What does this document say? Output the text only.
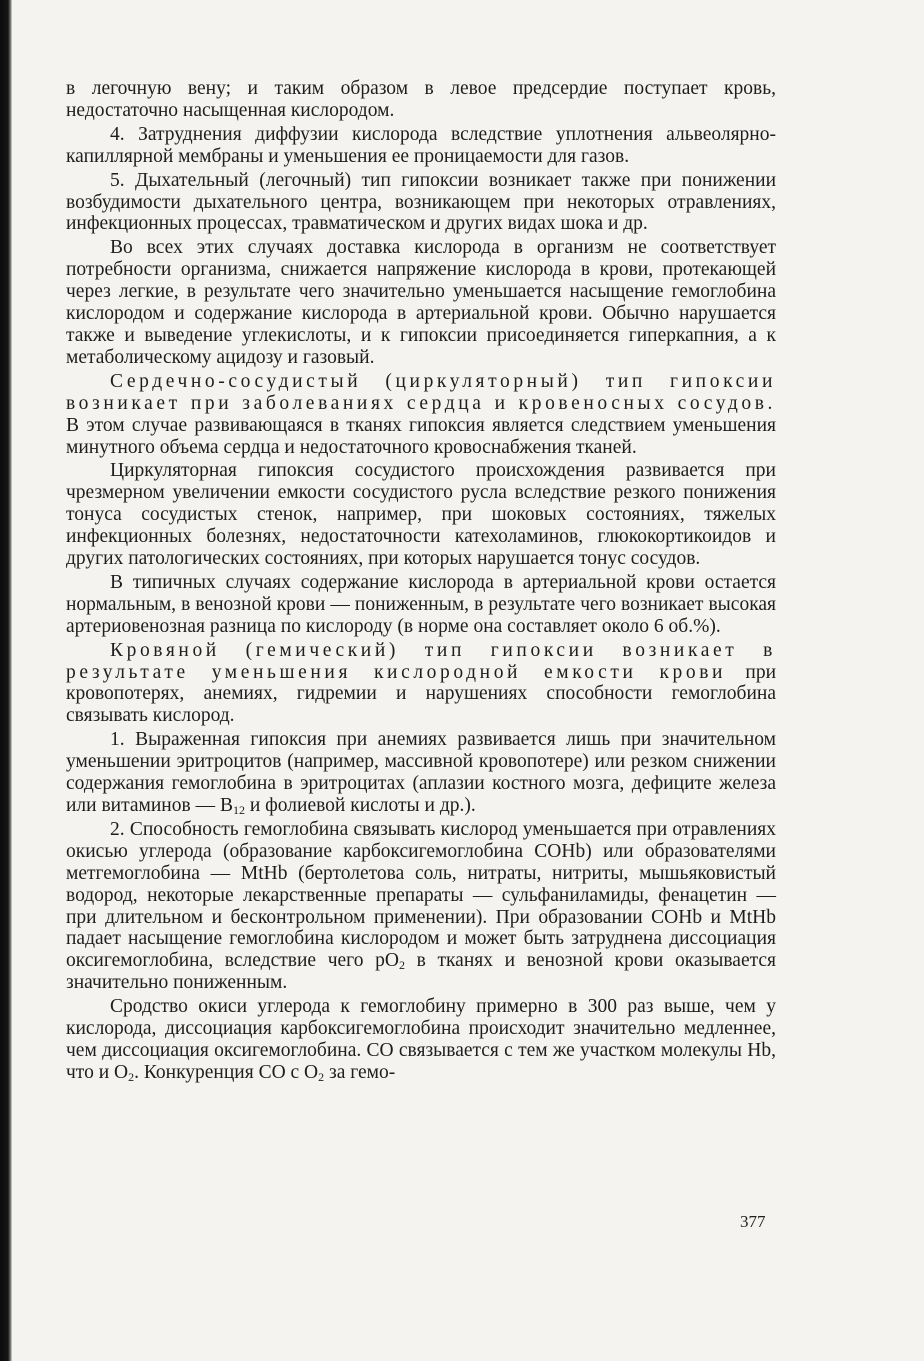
в легочную вену; и таким образом в левое предсердие поступает кровь, недостаточно насыщенная кислородом.

4. Затруднения диффузии кислорода вследствие уплотнения альвеолярно-капиллярной мембраны и уменьшения ее проницаемости для газов.

5. Дыхательный (легочный) тип гипоксии возникает также при понижении возбудимости дыхательного центра, возникающем при некоторых отравлениях, инфекционных процессах, травматическом и других видах шока и др.

Во всех этих случаях доставка кислорода в организм не соответствует потребности организма, снижается напряжение кислорода в крови, протекающей через легкие, в результате чего значительно уменьшается насыщение гемоглобина кислородом и содержание кислорода в артериальной крови. Обычно нарушается также и выведение углекислоты, и к гипоксии присоединяется гиперкапния, а к метаболическому ацидозу и газовый.

Сердечно-сосудистый (циркуляторный) тип гипоксии возникает при заболеваниях сердца и кровеносных сосудов. В этом случае развивающаяся в тканях гипоксия является следствием уменьшения минутного объема сердца и недостаточного кровоснабжения тканей.

Циркуляторная гипоксия сосудистого происхождения развивается при чрезмерном увеличении емкости сосудистого русла вследствие резкого понижения тонуса сосудистых стенок, например, при шоковых состояниях, тяжелых инфекционных болезнях, недостаточности катехоламинов, глюкокортикоидов и других патологических состояниях, при которых нарушается тонус сосудов.

В типичных случаях содержание кислорода в артериальной крови остается нормальным, в венозной крови — пониженным, в результате чего возникает высокая артериовенозная разница по кислороду (в норме она составляет около 6 об.%).

Кровяной (гемический) тип гипоксии возникает в результате уменьшения кислородной емкости крови при кровопотерях, анемиях, гидремии и нарушениях способности гемоглобина связывать кислород.

1. Выраженная гипоксия при анемиях развивается лишь при значительном уменьшении эритроцитов (например, массивной кровопотере) или резком снижении содержания гемоглобина в эритроцитах (аплазии костного мозга, дефиците железа или витаминов — $B_{12}$ и фолиевой кислоты и др.).

2. Способность гемоглобина связывать кислород уменьшается при отравлениях окисью углерода (образование карбоксигемоглобина COHb) или образователями метгемоглобина — MtHb (бертолетова соль, нитраты, нитриты, мышьяковистый водород, некоторые лекарственные препараты — сульфаниламиды, фенацетин — при длительном и бесконтрольном применении). При образовании COHb и MtHb падает насыщение гемоглобина кислородом и может быть затруднена диссоциация оксигемоглобина, вследствие чего $pO_2$ в тканях и венозной крови оказывается значительно пониженным.

Сродство окиси углерода к гемоглобину примерно в 300 раз выше, чем у кислорода, диссоциация карбоксигемоглобина происходит значительно медленнее, чем диссоциация оксигемоглобина. CO связывается с тем же участком молекулы Hb, что и $O_2$. Конкуренция CO с $O_2$ за гемо-

377
